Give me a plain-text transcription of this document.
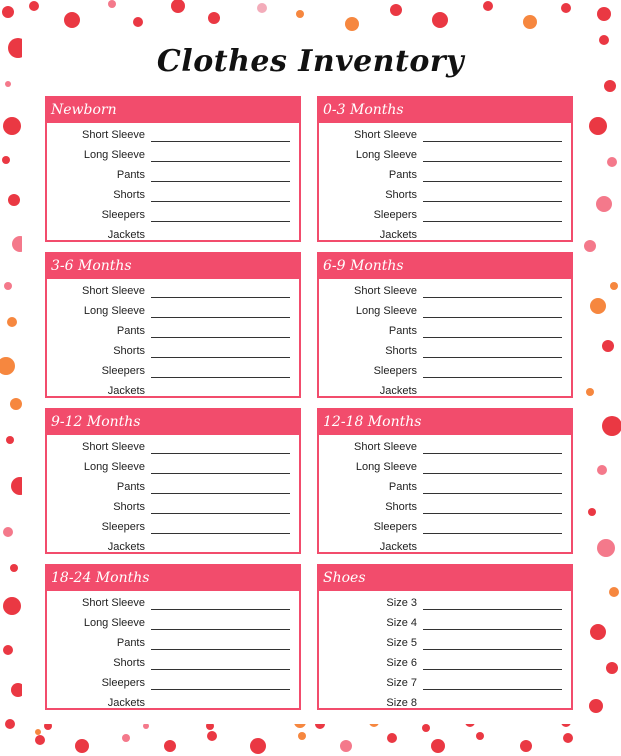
Clothes Inventory
Newborn
Short Sleeve
Long Sleeve
Pants
Shorts
Sleepers
Jackets
0-3 Months
Short Sleeve
Long Sleeve
Pants
Shorts
Sleepers
Jackets
3-6 Months
Short Sleeve
Long Sleeve
Pants
Shorts
Sleepers
Jackets
6-9 Months
Short Sleeve
Long Sleeve
Pants
Shorts
Sleepers
Jackets
9-12 Months
Short Sleeve
Long Sleeve
Pants
Shorts
Sleepers
Jackets
12-18 Months
Short Sleeve
Long Sleeve
Pants
Shorts
Sleepers
Jackets
18-24 Months
Short Sleeve
Long Sleeve
Pants
Shorts
Sleepers
Jackets
Shoes
Size 3
Size 4
Size 5
Size 6
Size 7
Size 8
